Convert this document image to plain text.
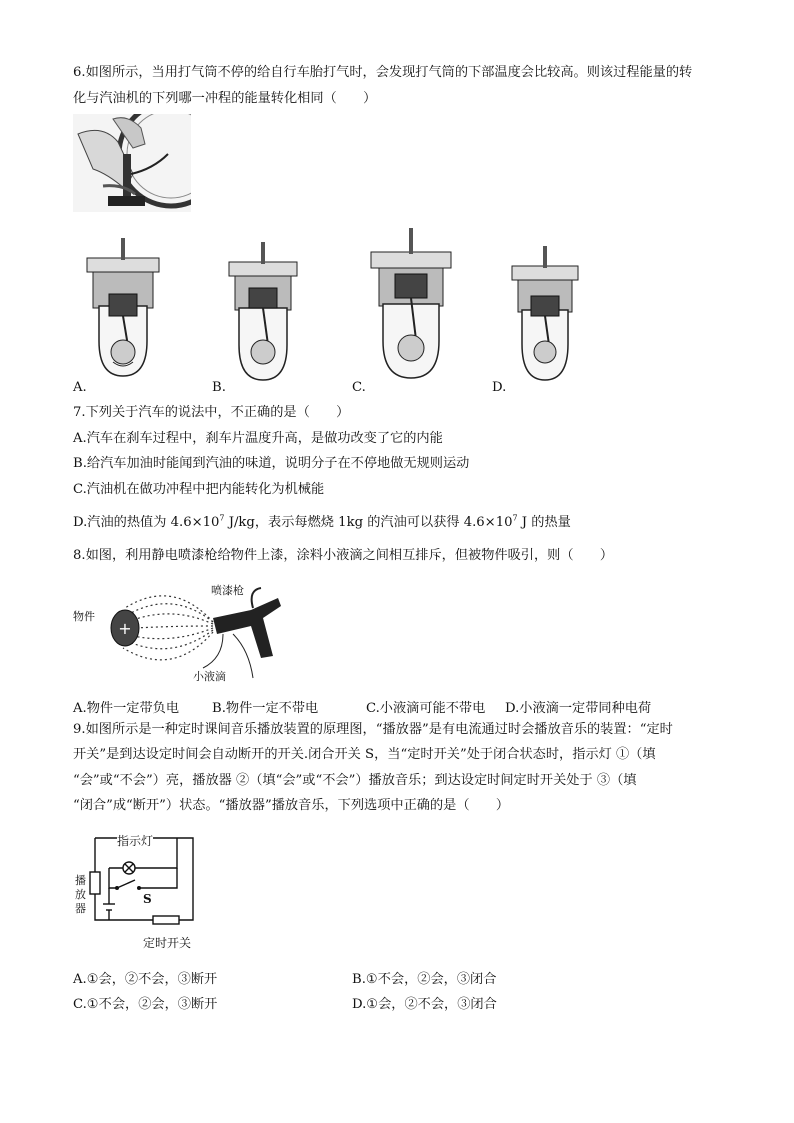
6.如图所示，当用打气筒不停的给自行车胎打气时，会发现打气筒的下部温度会比较高。则该过程能量的转
化与汽油机的下列哪一冲程的能量转化相同（　　）
A.	B.	C.	D.
7.下列关于汽车的说法中，不正确的是（　　）
A.汽车在刹车过程中，刹车片温度升高，是做功改变了它的内能
B.给汽车加油时能闻到汽油的味道，说明分子在不停地做无规则运动
C.汽油机在做功冲程中把内能转化为机械能
D.汽油的热值为 $4.6\times 10^7$ J/kg，表示每燃烧 1kg 的汽油可以获得 $4.6\times 10^7$ J 的热量
8.如图，利用静电喷漆枪给物件上漆，涂料小液滴之间相互排斥，但被物件吸引，则（　　）
+
物件
喷漆枪
小液滴
A.物件一定带负电 B.物件一定不带电	C.小液滴可能不带电 D.小液滴一定带同种电荷
9.如图所示是一种定时课间音乐播放装置的原理图，“播放器”是有电流通过时会播放音乐的装置：“定时
开关”是到达设定时间会自动断开的开关.闭合开关 S，当“定时开关”处于闭合状态时，指示灯 ①（填
“会”或“不会”）亮，播放器 ②（填“会”或“不会”）播放音乐；到达设定时间定时开关处于 ③（填
“闭合”成“断开”）状态。“播放器”播放音乐，下列选项中正确的是（　　）
指示灯
播放器
S
定时开关
A.①会，②不会，③断开	B.①不会，②会，③闭合
C.①不会，②会，③断开	D.①会，②不会，③闭合
